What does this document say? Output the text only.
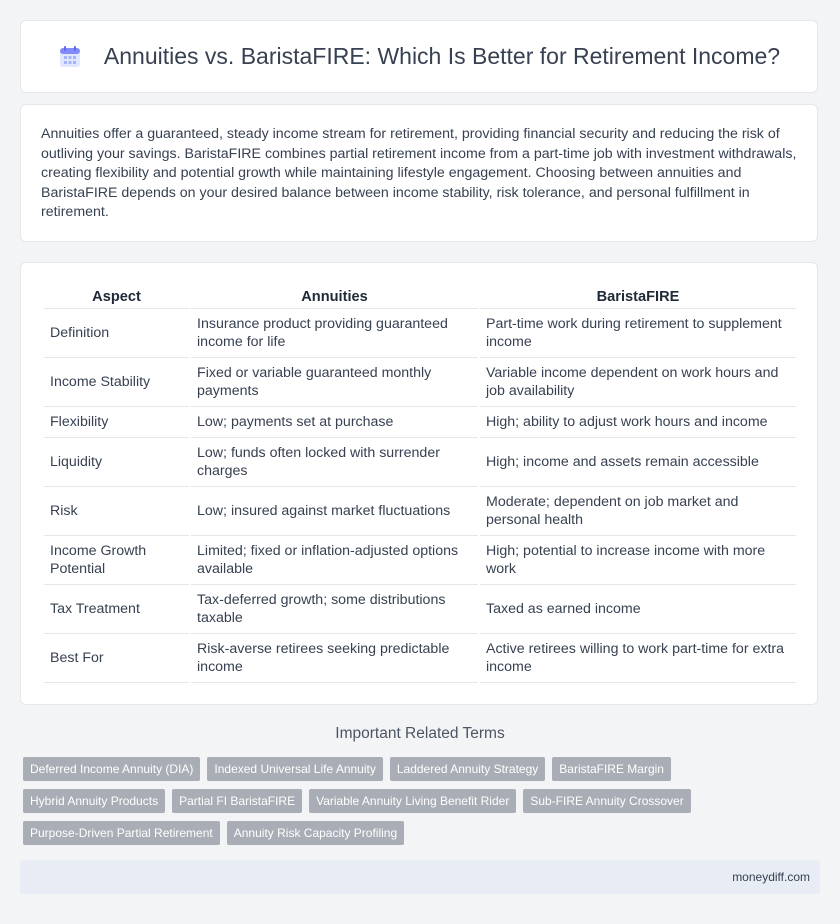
Annuities vs. BaristaFIRE: Which Is Better for Retirement Income?

Annuities offer a guaranteed, steady income stream for retirement, providing financial security and reducing the risk of outliving your savings. BaristaFIRE combines partial retirement income from a part-time job with investment withdrawals, creating flexibility and potential growth while maintaining lifestyle engagement. Choosing between annuities and BaristaFIRE depends on your desired balance between income stability, risk tolerance, and personal fulfillment in retirement.

Aspect	Annuities	BaristaFIRE
Definition	Insurance product providing guaranteed income for life	Part-time work during retirement to supplement income
Income Stability	Fixed or variable guaranteed monthly payments	Variable income dependent on work hours and job availability
Flexibility	Low; payments set at purchase	High; ability to adjust work hours and income
Liquidity	Low; funds often locked with surrender charges	High; income and assets remain accessible
Risk	Low; insured against market fluctuations	Moderate; dependent on job market and personal health
Income Growth Potential	Limited; fixed or inflation-adjusted options available	High; potential to increase income with more work
Tax Treatment	Tax-deferred growth; some distributions taxable	Taxed as earned income
Best For	Risk-averse retirees seeking predictable income	Active retirees willing to work part-time for extra income
Important Related Terms
Deferred Income Annuity (DIA)	Indexed Universal Life Annuity	Laddered Annuity Strategy	BaristaFIRE Margin
Hybrid Annuity Products	Partial FI BaristaFIRE	Variable Annuity Living Benefit Rider	Sub-FIRE Annuity Crossover
Purpose-Driven Partial Retirement	Annuity Risk Capacity Profiling
moneydiff.com
